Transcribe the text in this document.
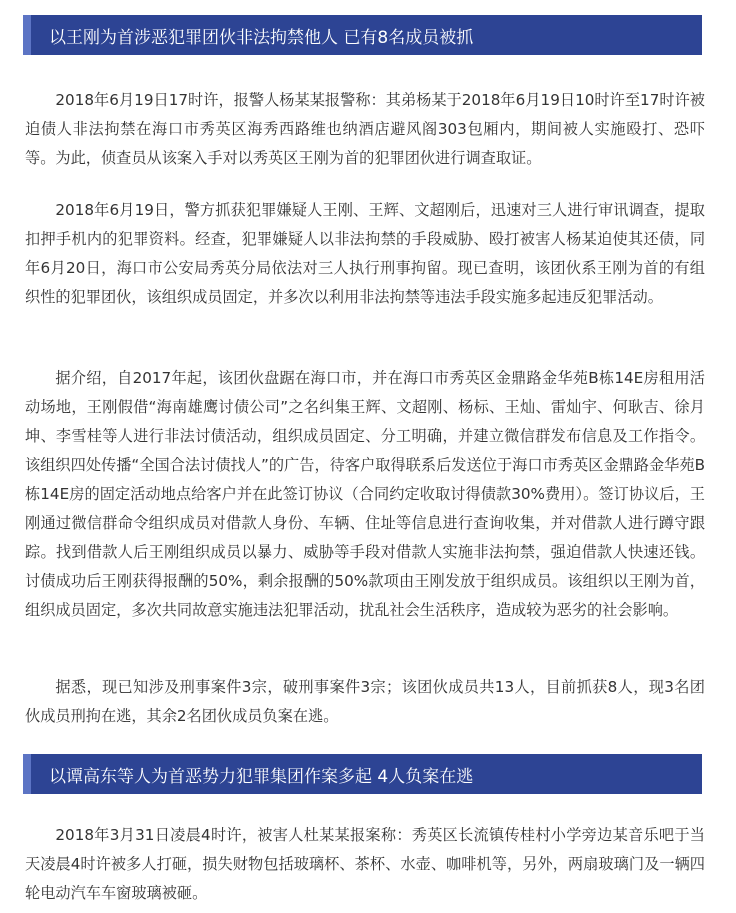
以王刚为首涉恶犯罪团伙非法拘禁他人 已有8名成员被抓

2018年6月19日17时许，报警人杨某某报警称：其弟杨某于2018年6月19日10时许至17时许被迫债人非法拘禁在海口市秀英区海秀西路维也纳酒店避风阁303包厢内，期间被人实施殴打、恐吓等。为此，侦查员从该案入手对以秀英区王刚为首的犯罪团伙进行调查取证。

2018年6月19日，警方抓获犯罪嫌疑人王刚、王辉、文超刚后，迅速对三人进行审讯调查，提取扣押手机内的犯罪资料。经查，犯罪嫌疑人以非法拘禁的手段威胁、殴打被害人杨某迫使其还债，同年6月20日，海口市公安局秀英分局依法对三人执行刑事拘留。现已查明，该团伙系王刚为首的有组织性的犯罪团伙，该组织成员固定，并多次以利用非法拘禁等违法手段实施多起违反犯罪活动。

据介绍，自2017年起，该团伙盘踞在海口市，并在海口市秀英区金鼎路金华苑B栋14E房租用活动场地，王刚假借“海南雄鹰讨债公司”之名纠集王辉、文超刚、杨标、王灿、雷灿宇、何耿吉、徐月坤、李雪桂等人进行非法讨债活动，组织成员固定、分工明确，并建立微信群发布信息及工作指令。该组织四处传播“全国合法讨债找人”的广告，待客户取得联系后发送位于海口市秀英区金鼎路金华苑B栋14E房的固定活动地点给客户并在此签订协议（合同约定收取讨得债款30%费用）。签订协议后，王刚通过微信群命令组织成员对借款人身份、车辆、住址等信息进行查询收集，并对借款人进行蹲守跟踪。找到借款人后王刚组织成员以暴力、威胁等手段对借款人实施非法拘禁，强迫借款人快速还钱。讨债成功后王刚获得报酬的50%，剩余报酬的50%款项由王刚发放于组织成员。该组织以王刚为首，组织成员固定，多次共同故意实施违法犯罪活动，扰乱社会生活秩序，造成较为恶劣的社会影响。

据悉，现已知涉及刑事案件3宗，破刑事案件3宗；该团伙成员共13人，目前抓获8人，现3名团伙成员刑拘在逃，其余2名团伙成员负案在逃。

以谭高东等人为首恶势力犯罪集团作案多起 4人负案在逃

2018年3月31日凌晨4时许，被害人杜某某报案称：秀英区长流镇传桂村小学旁边某音乐吧于当天凌晨4时许被多人打砸，损失财物包括玻璃杯、茶杯、水壶、咖啡机等，另外，两扇玻璃门及一辆四轮电动汽车车窗玻璃被砸。
